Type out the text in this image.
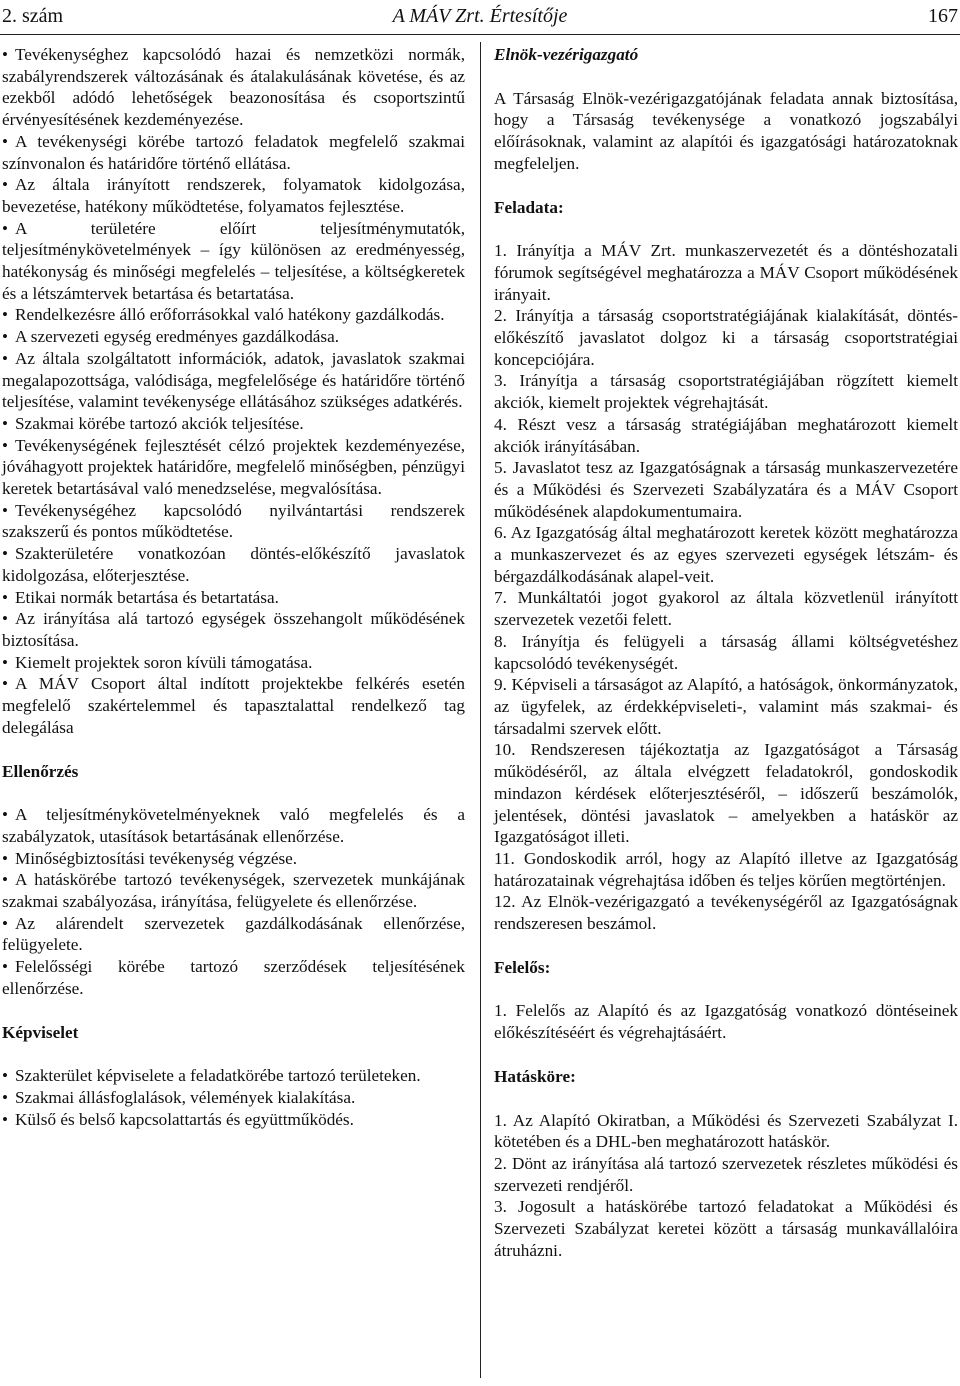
2. szám	A MÁV Zrt. Értesítője	167

• Tevékenységhez kapcsolódó hazai és nemzetközi normák, szabályrendszerek változásának és átalakulásának követése, és az ezekből adódó lehetőségek beazonosítása és csoportszintű érvényesítésének kezdeményezése.

• A tevékenységi körébe tartozó feladatok megfelelő szakmai színvonalon és határidőre történő ellátása.

• Az általa irányított rendszerek, folyamatok kidolgozása, bevezetése, hatékony működtetése, folyamatos fejlesztése.

• A területére előírt teljesítménymutatók, teljesítménykövetelmények – így különösen az eredményesség, hatékonyság és minőségi megfelelés – teljesítése, a költségkeretek és a létszámtervek betartása és betartatása.

• Rendelkezésre álló erőforrásokkal való hatékony gazdálkodás.

• A szervezeti egység eredményes gazdálkodása.

• Az általa szolgáltatott információk, adatok, javaslatok szakmai megalapozottsága, valódisága, megfelelősége és határidőre történő teljesítése, valamint tevékenysége ellátásához szükséges adatkérés.

• Szakmai körébe tartozó akciók teljesítése.

• Tevékenységének fejlesztését célzó projektek kezdeményezése, jóváhagyott projektek határidőre, megfelelő minőségben, pénzügyi keretek betartásával való menedzselése, megvalósítása.

• Tevékenységéhez kapcsolódó nyilvántartási rendszerek szakszerű és pontos működtetése.

• Szakterületére vonatkozóan döntés-előkészítő javaslatok kidolgozása, előterjesztése.

• Etikai normák betartása és betartatása.

• Az irányítása alá tartozó egységek összehangolt működésének biztosítása.

• Kiemelt projektek soron kívüli támogatása.

• A MÁV Csoport által indított projektekbe felkérés esetén megfelelő szakértelemmel és tapasztalattal rendelkező tag delegálása

Ellenőrzés

• A teljesítménykövetelményeknek való megfelelés és a szabályzatok, utasítások betartásának ellenőrzése.

• Minőségbiztosítási tevékenység végzése.

• A hatáskörébe tartozó tevékenységek, szervezetek munkájának szakmai szabályozása, irányítása, felügyelete és ellenőrzése.

• Az alárendelt szervezetek gazdálkodásának ellenőrzése, felügyelete.

• Felelősségi körébe tartozó szerződések teljesítésének ellenőrzése.

Képviselet

• Szakterület képviselete a feladatkörébe tartozó területeken.

• Szakmai állásfoglalások, vélemények kialakítása.

• Külső és belső kapcsolattartás és együttműködés.

Elnök-vezérigazgató

A Társaság Elnök-vezérigazgatójának feladata annak biztosítása, hogy a Társaság tevékenysége a vonatkozó jogszabályi előírásoknak, valamint az alapítói és igazgatósági határozatoknak megfeleljen.

Feladata:

1. Irányítja a MÁV Zrt. munkaszervezetét és a döntéshozatali fórumok segítségével meghatározza a MÁV Csoport működésének irányait.

2. Irányítja a társaság csoportstratégiájának kialakítását, döntés-előkészítő javaslatot dolgoz ki a társaság csoportstratégiai koncepciójára.

3. Irányítja a társaság csoportstratégiájában rögzített kiemelt akciók, kiemelt projektek végrehajtását.

4. Részt vesz a társaság stratégiájában meghatározott kiemelt akciók irányításában.

5. Javaslatot tesz az Igazgatóságnak a társaság munkaszervezetére és a Működési és Szervezeti Szabályzatára és a MÁV Csoport működésének alapdokumentumaira.

6. Az Igazgatóság által meghatározott keretek között meghatározza a munkaszervezet és az egyes szervezeti egységek létszám- és bérgazdálkodásának alapel-veit.

7. Munkáltatói jogot gyakorol az általa közvetlenül irányított szervezetek vezetői felett.

8. Irányítja és felügyeli a társaság állami költségvetéshez kapcsolódó tevékenységét.

9. Képviseli a társaságot az Alapító, a hatóságok, önkormányzatok, az ügyfelek, az érdekképviseleti-, valamint más szakmai- és társadalmi szervek előtt.

10. Rendszeresen tájékoztatja az Igazgatóságot a Társaság működéséről, az általa elvégzett feladatokról, gondoskodik mindazon kérdések előterjesztéséről, – időszerű beszámolók, jelentések, döntési javaslatok – amelyekben a hatáskör az Igazgatóságot illeti.

11. Gondoskodik arról, hogy az Alapító illetve az Igazgatóság határozatainak végrehajtása időben és teljes körűen megtörténjen.

12. Az Elnök-vezérigazgató a tevékenységéről az Igazgatóságnak rendszeresen beszámol.

Felelős:

1. Felelős az Alapító és az Igazgatóság vonatkozó döntéseinek előkészítéséért és végrehajtásáért.

Hatásköre:

1. Az Alapító Okiratban, a Működési és Szervezeti Szabályzat I. kötetében és a DHL-ben meghatározott hatáskör.

2. Dönt az irányítása alá tartozó szervezetek részletes működési és szervezeti rendjéről.

3. Jogosult a hatáskörébe tartozó feladatokat a Működési és Szervezeti Szabályzat keretei között a társaság munkavállalóira átruházni.
